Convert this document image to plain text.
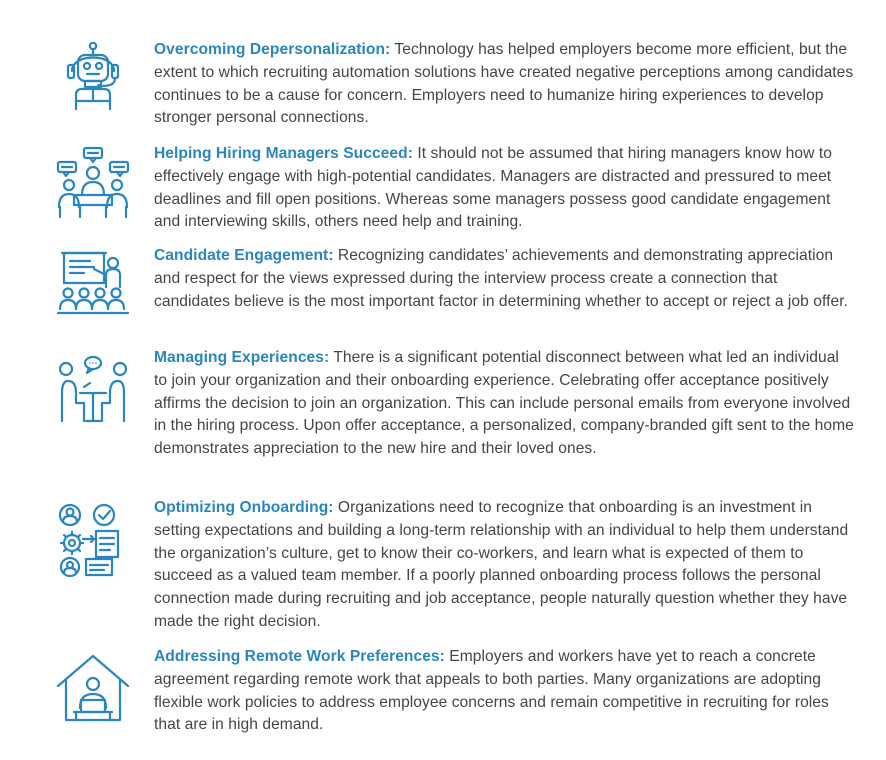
Overcoming Depersonalization: Technology has helped employers become more efficient, but the extent to which recruiting automation solutions have created negative perceptions among candidates continues to be a cause for concern. Employers need to humanize hiring experiences to develop stronger personal connections.
Helping Hiring Managers Succeed: It should not be assumed that hiring managers know how to effectively engage with high-potential candidates. Managers are distracted and pressured to meet deadlines and fill open positions. Whereas some managers possess good candidate engagement and interviewing skills, others need help and training.
Candidate Engagement: Recognizing candidates’ achievements and demonstrating appreciation and respect for the views expressed during the interview process create a connection that candidates believe is the most important factor in determining whether to accept or reject a job offer.
Managing Experiences: There is a significant potential disconnect between what led an individual to join your organization and their onboarding experience. Celebrating offer acceptance positively affirms the decision to join an organization. This can include personal emails from everyone involved in the hiring process. Upon offer acceptance, a personalized, company-branded gift sent to the home demonstrates appreciation to the new hire and their loved ones.
Optimizing Onboarding: Organizations need to recognize that onboarding is an investment in setting expectations and building a long-term relationship with an individual to help them understand the organization’s culture, get to know their co-workers, and learn what is expected of them to succeed as a valued team member. If a poorly planned onboarding process follows the personal connection made during recruiting and job acceptance, people naturally question whether they have made the right decision.
Addressing Remote Work Preferences: Employers and workers have yet to reach a concrete agreement regarding remote work that appeals to both parties. Many organizations are adopting flexible work policies to address employee concerns and remain competitive in recruiting for roles that are in high demand.
